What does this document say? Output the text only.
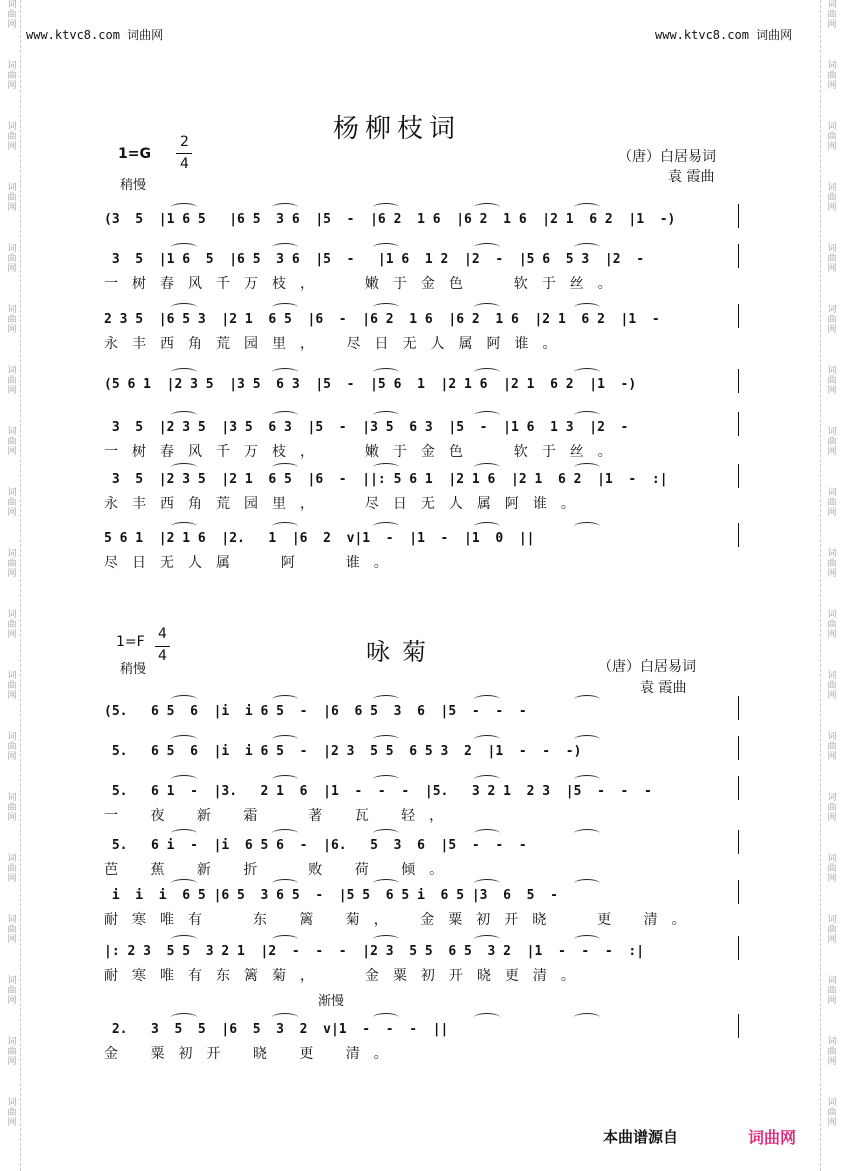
词
曲
网
词
曲
网
词
曲
网
词
曲
网
词
曲
网
词
曲
网
词
曲
网
词
曲
网
词
曲
网
词
曲
网
词
曲
网
词
曲
网
词
曲
网
词
曲
网
词
曲
网
词
曲
网
词
曲
网
词
曲
网
词
曲
网
词
曲
网
词
曲
网
词
曲
网
词
曲
网
词
曲
网
词
曲
网
词
曲
网
词
曲
网
词
曲
网
词
曲
网
词
曲
网
词
曲
网
词
曲
网
词
曲
网
词
曲
网
词
曲
网
词
曲
网
词
曲
网
词
曲
网
www.ktvc8.com 词曲网	www.ktvc8.com 词曲网
杨柳枝词
1=G
2
4
稍慢
（唐）白居易词
袁 霞曲
(3  5  |1 6 5   |6 5  3 6  |5  -  |6 2  1 6  |6 2  1 6  |2 1  6 2  |1  -)
3  5  |1 6  5  |6 5  3 6  |5  -   |1 6  1 2  |2  -  |5 6  5 3  |2  -
一树春风千万枝，  嫩于金色  软于丝。
2 3 5  |6 5 3  |2 1  6 5  |6  -  |6 2  1 6  |6 2  1 6  |2 1  6 2  |1  -
永丰西角荒园里， 尽日无人属阿谁。
(5 6 1  |2 3 5  |3 5  6 3  |5  -  |5 6  1  |2 1 6  |2 1  6 2  |1  -)
3  5  |2 3 5  |3 5  6 3  |5  -  |3 5  6 3  |5  -  |1 6  1 3  |2  -
一树春风千万枝，  嫩于金色  软于丝。
3  5  |2 3 5  |2 1  6 5  |6  -  ||: 5 6 1  |2 1 6  |2 1  6 2  |1  -  :|
永丰西角荒园里，  尽日无人属阿谁。
5 6 1  |2 1 6  |2.   1  |6  2  v|1  -  |1  -  |1  0  ||
尽日无人属  阿  谁。
1=F 4
4
稍慢
咏菊
（唐）白居易词
袁 霞曲
渐慢
(5.   6 5  6  |i  i 6 5  -  |6  6 5  3  6  |5  -  -  -
5.   6 5  6  |i  i 6 5  -  |2 3  5 5  6 5 3  2  |1  -  -  -)
5.   6 1  -  |3.   2 1  6  |1  -  -  -  |5.   3 2 1  2 3  |5  -  -  -
一 夜 新 霜  著 瓦 轻，
5.   6 i  -  |i  6 5 6  -  |6.   5  3  6  |5  -  -  -
芭 蕉 新 折  败 荷 倾。
i  i  i  6 5 |6 5  3 6 5  -  |5 5  6 5 i  6 5 |3  6  5  -
耐寒唯有  东 篱 菊， 金粟初开晓  更 清。
|: 2 3  5 5  3 2 1  |2  -  -  -  |2 3  5 5  6 5  3 2  |1  -  -  -  :|
耐寒唯有东篱菊，  金粟初开晓更清。
2.   3  5  5  |6  5  3  2  v|1  -  -  -  ||
金 粟初开 晓 更 清。
本曲谱源自	词曲网
